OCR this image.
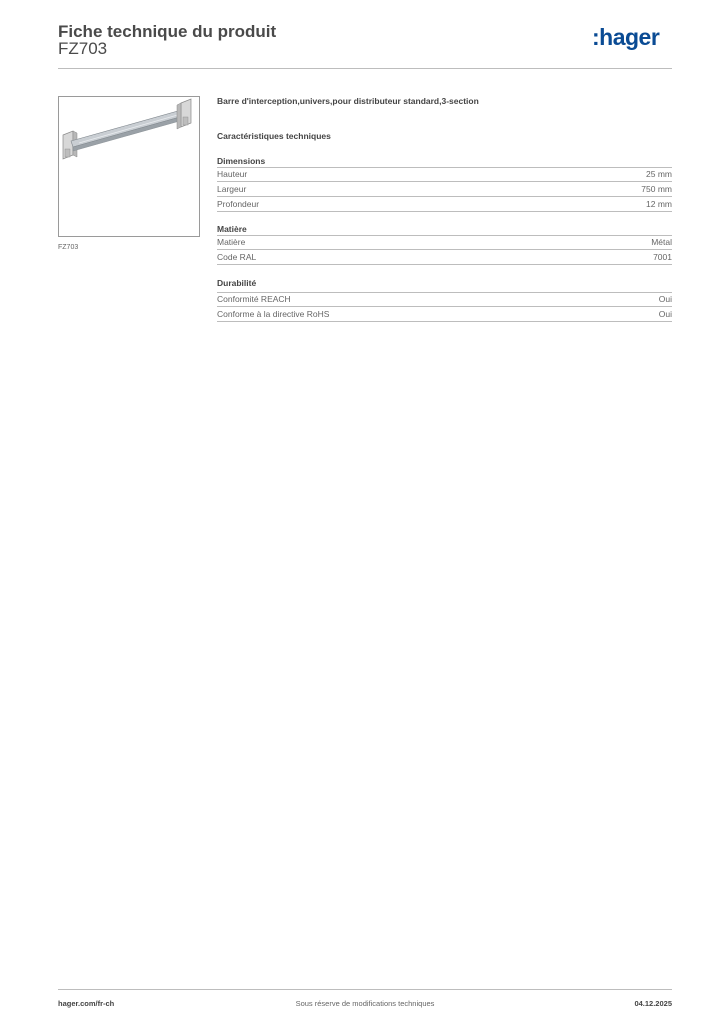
Fiche technique du produit
FZ703	:hager
FZ703
Barre d'interception,univers,pour distributeur standard,3-section
Caractéristiques techniques
Dimensions
Hauteur	25 mm
Largeur	750 mm
Profondeur	12 mm
Matière
Matière	Métal
Code RAL	7001
Durabilité
Conformité REACH	Oui
Conforme à la directive RoHS	Oui
hager.com/fr-ch	Sous réserve de modifications techniques	04.12.2025
